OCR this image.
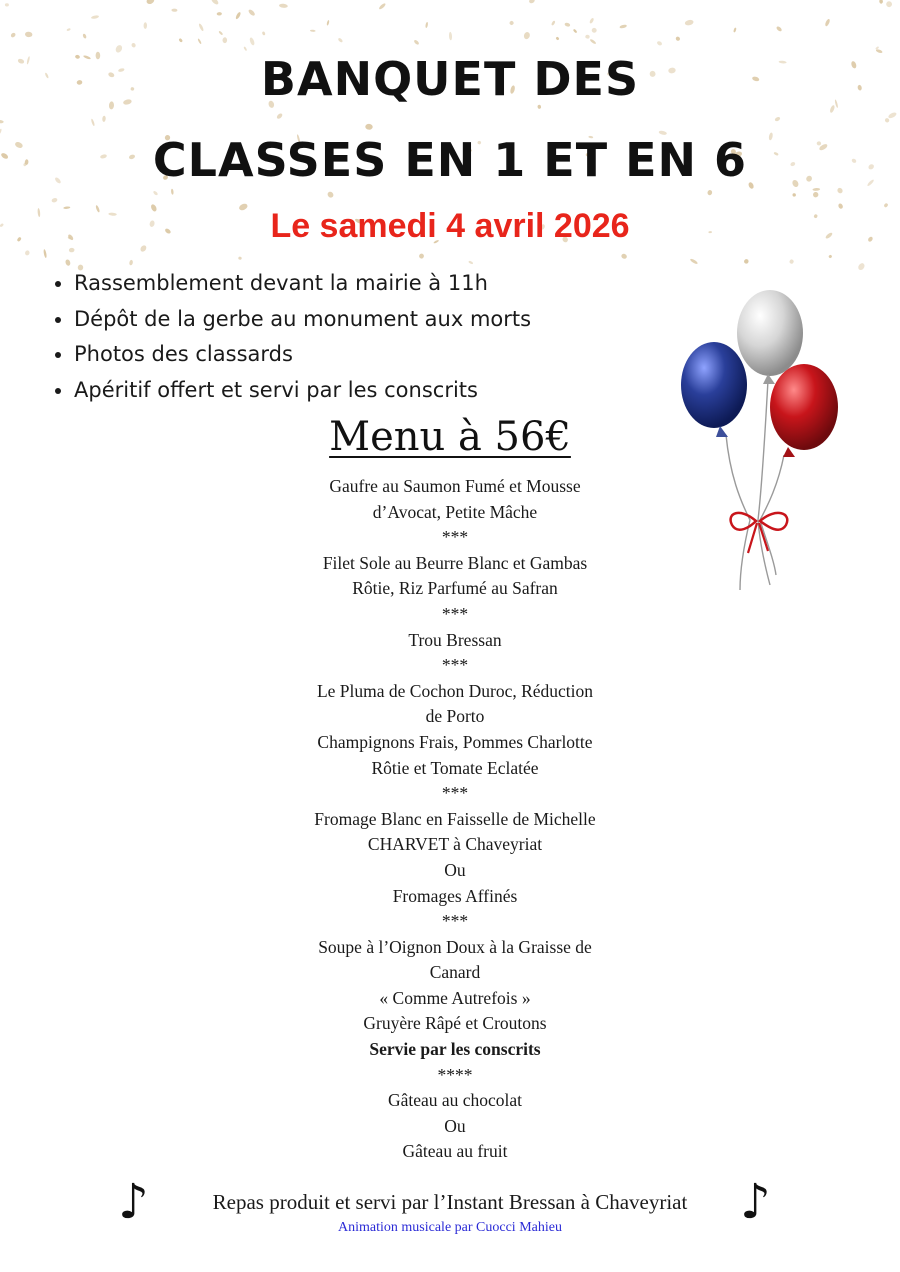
BANQUET DES
CLASSES EN 1 ET EN 6
Le samedi 4 avril 2026
• Rassemblement devant la mairie à 11h
• Dépôt de la gerbe au monument aux morts
• Photos des classards
• Apéritif offert et servi par les conscrits
Menu à 56€
Gaufre au Saumon Fumé et Mousse
d’Avocat, Petite Mâche
***
Filet Sole au Beurre Blanc et Gambas
Rôtie, Riz Parfumé au Safran
***
Trou Bressan
***
Le Pluma de Cochon Duroc, Réduction
de Porto
Champignons Frais, Pommes Charlotte
Rôtie et Tomate Eclatée
***
Fromage Blanc en Faisselle de Michelle
CHARVET à Chaveyriat
Ou
Fromages Affinés
***
Soupe à l’Oignon Doux à la Graisse de
Canard
« Comme Autrefois »
Gruyère Râpé et Croutons
Servie par les conscrits
****
Gâteau au chocolat
Ou
Gâteau au fruit
♪	Repas produit et servi par l’Instant Bressan à Chaveyriat
Animation musicale par Cuocci Mahieu	♪
